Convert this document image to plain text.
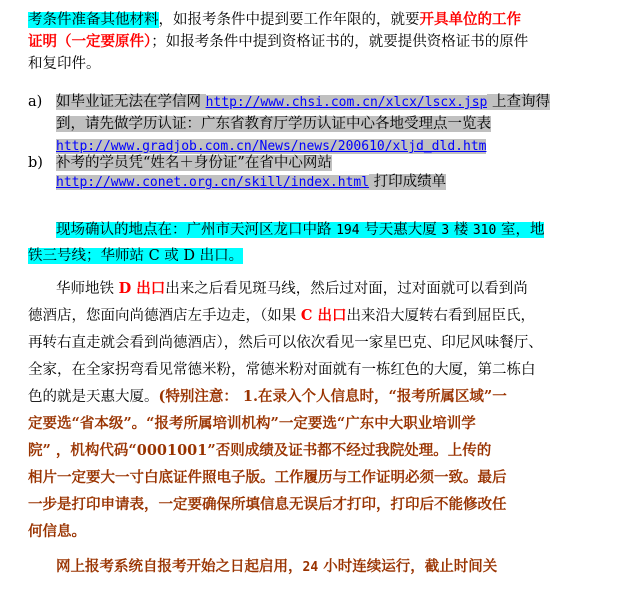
考条件准备其他材料，如报考条件中提到要工作年限的，就要开具单位的工作
证明（一定要原件）；如报考条件中提到资格证书的，就要提供资格证书的原件
和复印件。
a) 如毕业证无法在学信网 http://www.chsi.com.cn/xlcx/lscx.jsp 上查询得
到，请先做学历认证：广东省教育厅学历认证中心各地受理点一览表
http://www.gradjob.com.cn/News/news/200610/xljd_dld.htm
b) 补考的学员凭“姓名＋身份证”在省中心网站
http://www.conet.org.cn/skill/index.html 打印成绩单
现场确认的地点在：广州市天河区龙口中路 194 号天惠大厦 3 楼 310 室，地
铁三号线；华师站 C 或 D 出口。
华师地铁 D 出口出来之后看见斑马线，然后过对面，过对面就可以看到尚
德酒店，您面向尚德酒店左手边走，（如果 C 出口出来沿大厦转右看到屈臣氏，
再转右直走就会看到尚德酒店），然后可以依次看见一家星巴克、印尼风味餐厅、
全家，在全家拐弯看见常德米粉，常德米粉对面就有一栋红色的大厦，第二栋白
色的就是天惠大厦。(特别注意： 1.在录入个人信息时，“报考所属区域”一
定要选“省本级”。“报考所属培训机构”一定要选“广东中大职业培训学
院” ，机构代码“0001001”否则成绩及证书都不经过我院处理。上传的
相片一定要大一寸白底证件照电子版。工作履历与工作证明必须一致。最后
一步是打印申请表，一定要确保所填信息无误后才打印，打印后不能修改任
何信息。
网上报考系统自报考开始之日起启用，24 小时连续运行，截止时间关
